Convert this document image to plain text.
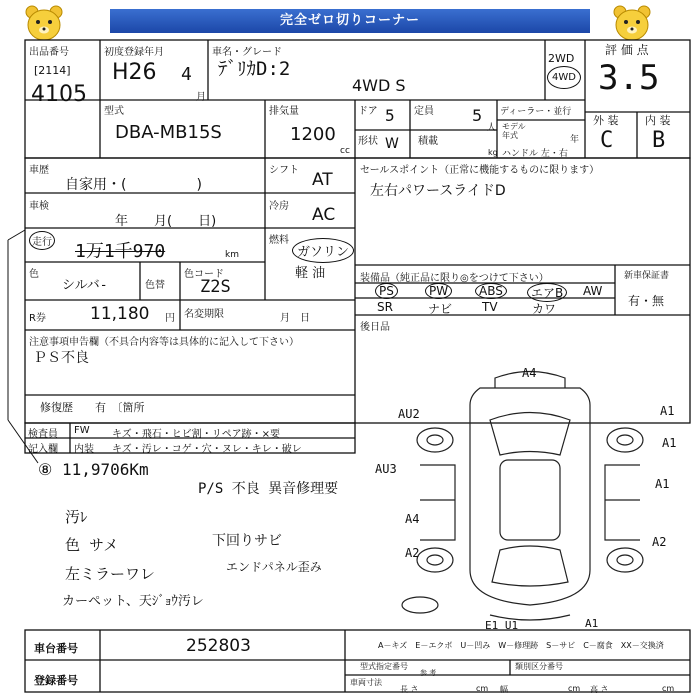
完全ゼロ切りコーナー
出品番号
[2114]
4105
初度登録年月
H26 4
月
車名・グレード
ﾃﾞﾘｶD:2
4WD S
2WD
4WD
評 価 点
3.5
外 装 内 装
C B
型式
DBA-MB15S
排気量
1200
cc
ドア 5 定員 5
人
ディーラー・並行
モデル年式	年
形状 W 積載
kg ハンドル 左・右
車歴
自家用・(　　　　　)
シフト AT
車検
年　　月(　　日)
冷房 AC
走行 1万1千970	km
燃料
ガソリン
軽 油
色
シルバ-	色替
色コード
Z2S
R券	11,180 円 名変期限	月　日
セールスポイント（正常に機能するものに限ります）
左右パワースライドD
装備品（純正品に限り◎をつけて下さい）
PS	PW	ABS	エアB	AW
SR	ナビ TV	カワ
新車保証書
有・無
後日品
注意事項申告欄（不具合内容等は具体的に記入して下さい）
ＰＳ不良
修復歴　　有　〔箇所
検査員
記入欄
FW キズ・飛石・ヒビ割・リペア跡・×要
内装 キズ・汚レ・コゲ・穴・ヌレ・キレ・破レ
⑧ 11,9706Km
P/S 不良 異音修理要
汚ﾚ
色 サメ
左ミラーワレ
カーペット、天ｼﾞｮｳ汚レ
下回りサビ
エンドパネル歪み
A4
AU2	A1
AU3
A1
A4
A2
A2
A1
E1 U1
A1
A－キズ　E－エクボ　U－凹み　W－修理跡　S－サビ　C－腐食　XX－交換済
車台番号	252803
登録番号
型式指定番号	類別区分番号
参 考
車両寸法
長 さ	cm 幅	cm 高 さ	cm
